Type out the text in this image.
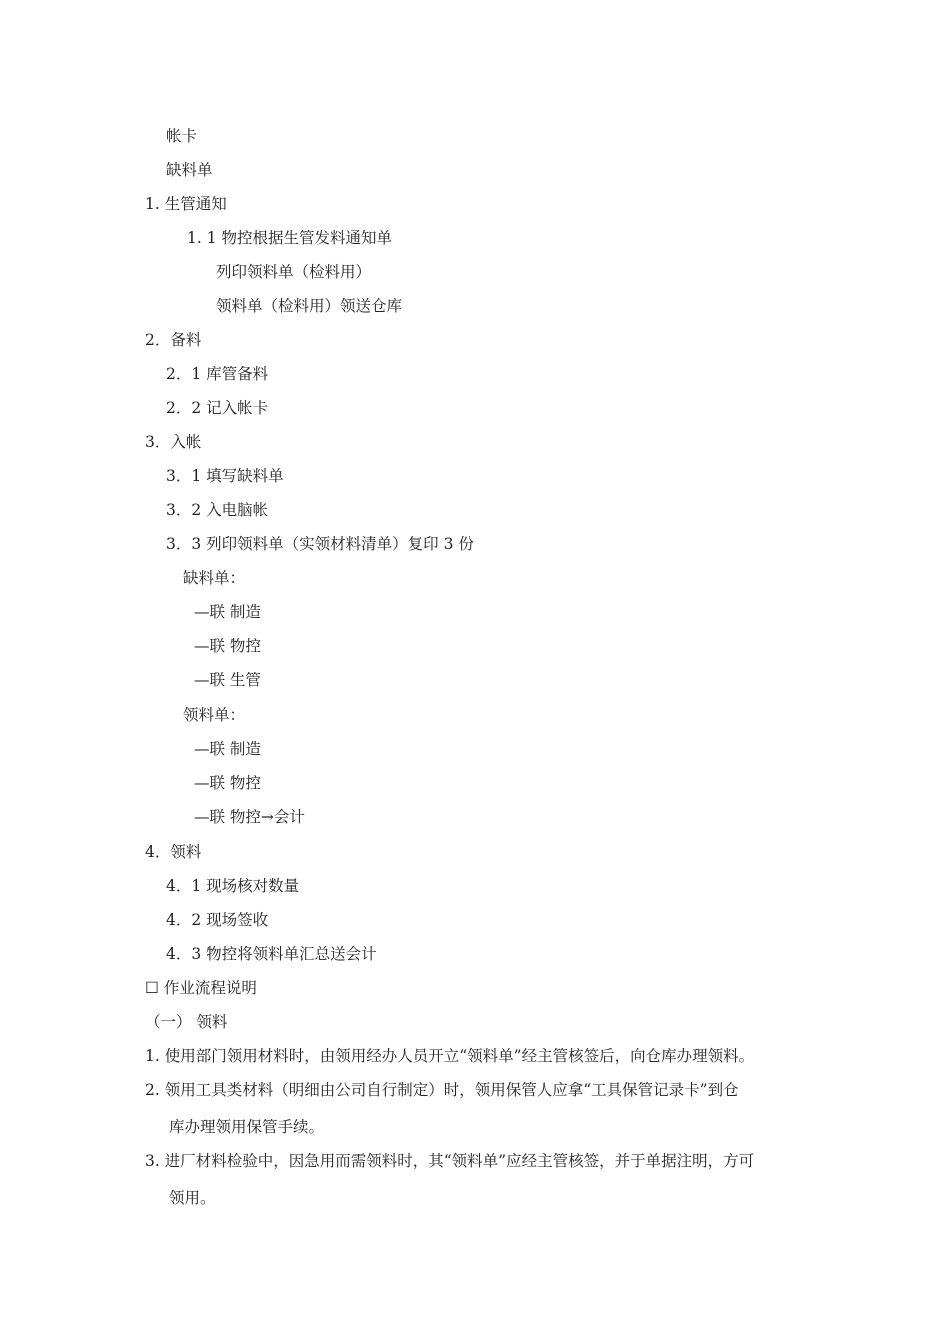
帐卡
缺料单
1. 生管通知
1. 1 物控根据生管发料通知单
列印领料单（检料用）
领料单（检料用）领送仓库
2．备料
2．1 库管备料
2．2 记入帐卡
3．入帐
3．1 填写缺料单
3．2 入电脑帐
3．3 列印领料单（实领材料清单）复印 3 份
缺料单：
—联 制造
—联 物控
—联 生管
领料单：
—联 制造
—联 物控
—联 物控→会计
4．领料
4．1 现场核对数量
4．2 现场签收
4．3 物控将领料单汇总送会计
☐ 作业流程说明
（一） 领料
1. 使用部门领用材料时，由领用经办人员开立“领料单”经主管核签后，向仓库办理领料。
2. 领用工具类材料（明细由公司自行制定）时，领用保管人应拿“工具保管记录卡”到仓
库办理领用保管手续。
3. 进厂材料检验中，因急用而需领料时，其“领料单”应经主管核签，并于单据注明，方可
领用。
